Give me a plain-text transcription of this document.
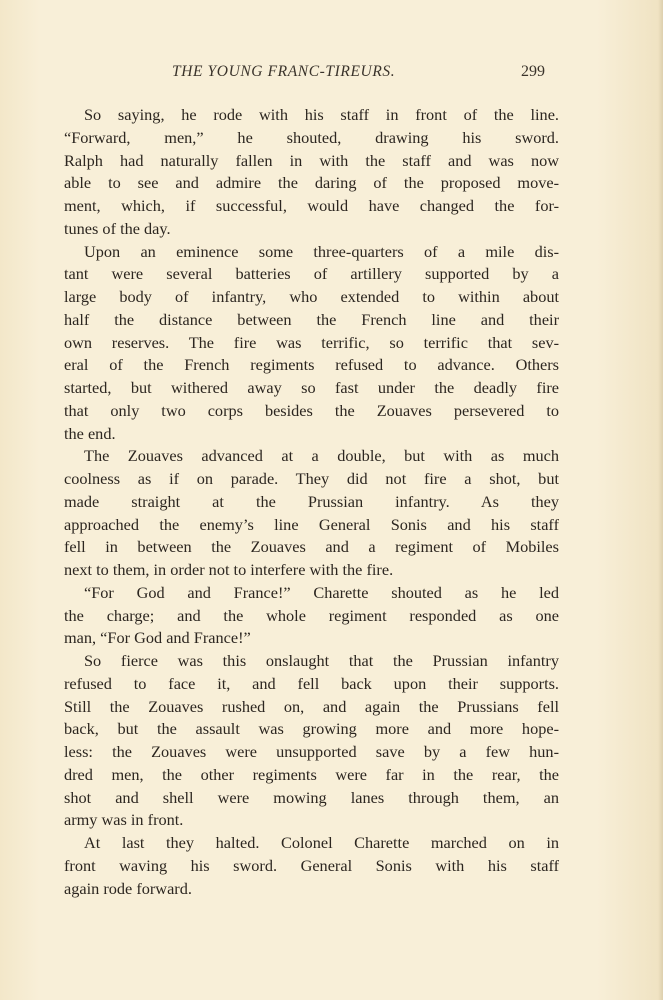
THE YOUNG FRANC-TIREURS.	299
So saying, he rode with his staff in front of the line.
“Forward, men,” he shouted, drawing his sword.
Ralph had naturally fallen in with the staff and was now
able to see and admire the daring of the proposed move-
ment, which, if successful, would have changed the for-
tunes of the day.
Upon an eminence some three-quarters of a mile dis-
tant were several batteries of artillery supported by a
large body of infantry, who extended to within about
half the distance between the French line and their
own reserves. The fire was terrific, so terrific that sev-
eral of the French regiments refused to advance. Others
started, but withered away so fast under the deadly fire
that only two corps besides the Zouaves persevered to
the end.
The Zouaves advanced at a double, but with as much
coolness as if on parade. They did not fire a shot, but
made straight at the Prussian infantry. As they
approached the enemy’s line General Sonis and his staff
fell in between the Zouaves and a regiment of Mobiles
next to them, in order not to interfere with the fire.
“For God and France!” Charette shouted as he led
the charge; and the whole regiment responded as one
man, “For God and France!”
So fierce was this onslaught that the Prussian infantry
refused to face it, and fell back upon their supports.
Still the Zouaves rushed on, and again the Prussians fell
back, but the assault was growing more and more hope-
less: the Zouaves were unsupported save by a few hun-
dred men, the other regiments were far in the rear, the
shot and shell were mowing lanes through them, an
army was in front.
At last they halted. Colonel Charette marched on in
front waving his sword. General Sonis with his staff
again rode forward.
